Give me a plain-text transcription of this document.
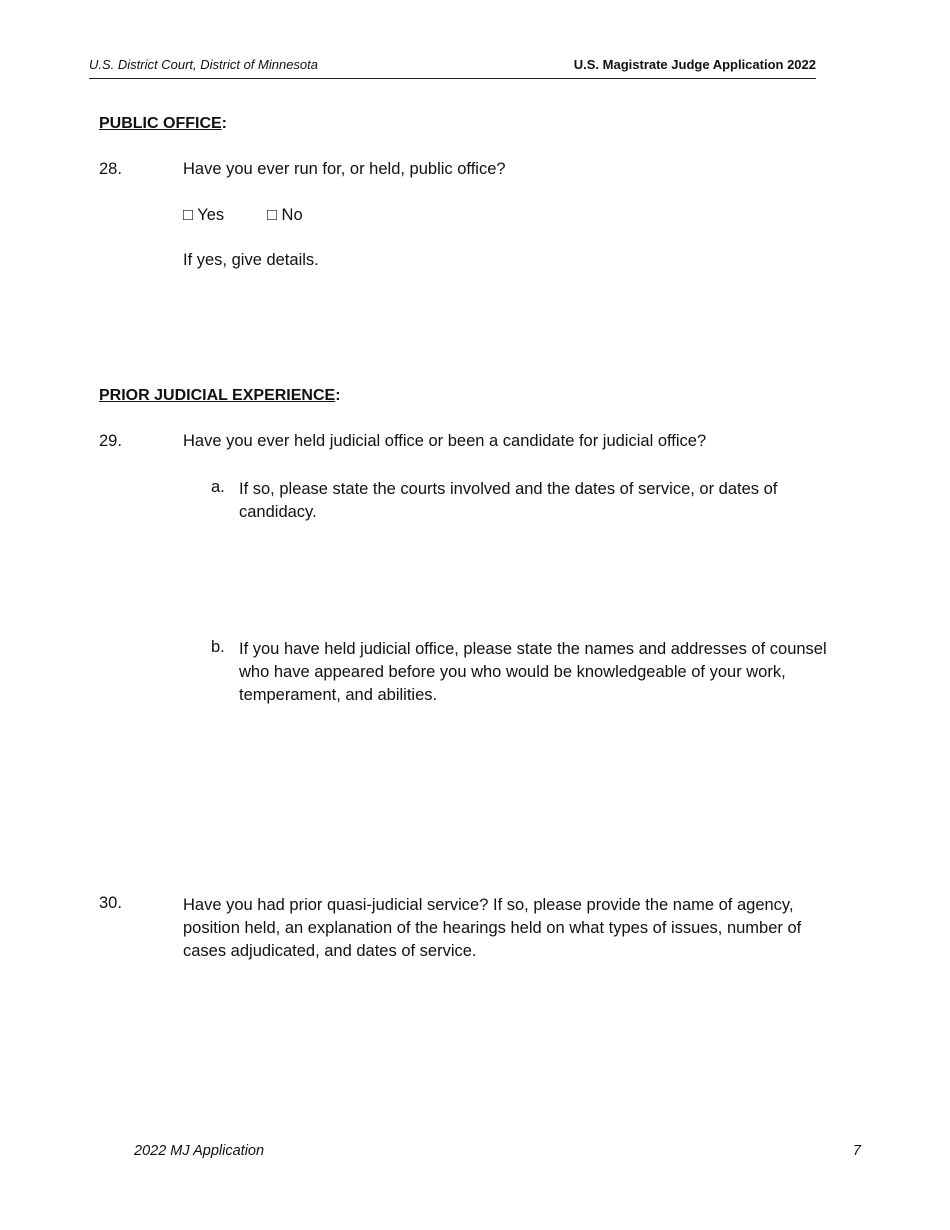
U.S. District Court, District of Minnesota	U.S. Magistrate Judge Application 2022
PUBLIC OFFICE:
28.	Have you ever run for, or held, public office?
□ Yes	□ No
If yes, give details.
PRIOR JUDICIAL EXPERIENCE:
29.	Have you ever held judicial office or been a candidate for judicial office?
a. If so, please state the courts involved and the dates of service, or dates of candidacy.
b. If you have held judicial office, please state the names and addresses of counsel who have appeared before you who would be knowledgeable of your work, temperament, and abilities.
30.	Have you had prior quasi-judicial service? If so, please provide the name of agency, position held, an explanation of the hearings held on what types of issues, number of cases adjudicated, and dates of service.
2022 MJ Application	7
